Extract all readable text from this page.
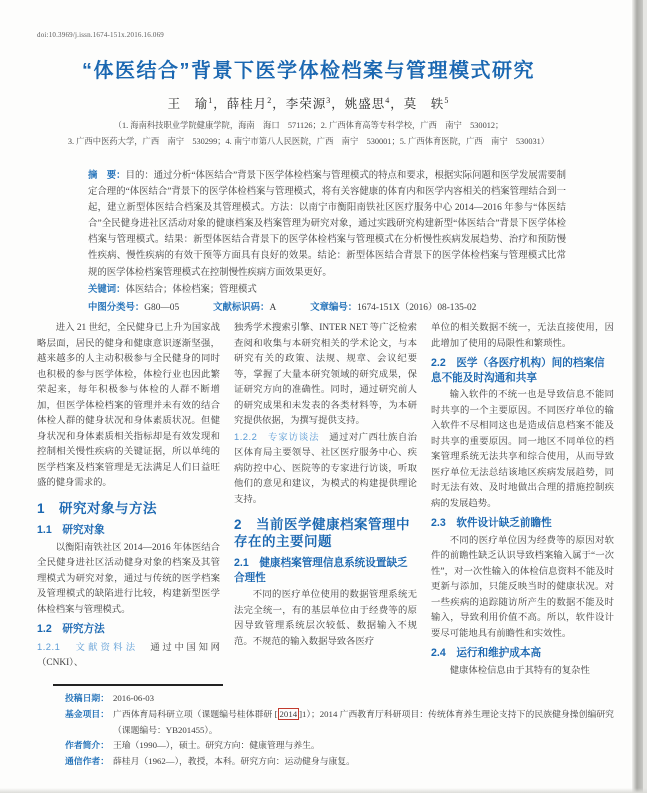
doi:10.3969/j.issn.1674-151x.2016.16.069
“体医结合”背景下医学体检档案与管理模式研究
王　瑜$^1$，薛桂月$^2$，李荣源$^3$，姚盛思$^4$，莫　轶$^5$
（1. 海南科技职业学院健康学院，海南　海口　571126；2. 广西体育高等专科学校，广西　南宁　530012；
3. 广西中医药大学，广西　南宁　530299；4. 南宁市第八人民医院，广西　南宁　530001；5. 广西体育医院，广西　南宁　530031）

摘　要：目的：通过分析“体医结合”背景下医学体检档案与管理模式的特点和要求，根据实际问题和医学发展需要制定合理的“体医结合”背景下的医学体检档案与管理模式，将有关容健康的体育内和医学内容相关的档案管理结合到一起，建立新型体医结合档案及其管理模式。方法：以南宁市衡阳南铁社区医疗服务中心 2014—2016 年参与“体医结合”全民健身进社区活动对象的健康档案及档案管理为研究对象，通过实践研究构建新型“体医结合”背景下医学体检档案与管理模式。结果：新型体医结合背景下的医学体检档案与管理模式在分析慢性疾病发展趋势、治疗和预防慢性疾病、慢性疾病的有效干预等方面具有良好的效果。结论：新型体医结合背景下的医学体检档案与管理模式比常规的医学体检档案管理模式在控制慢性疾病方面效果更好。

关键词：体医结合；体检档案；管理模式

中图分类号：G80—05	文献标识码：A	文章编号：1674-151X（2016）08-135-02

进入 21 世纪，全民健身已上升为国家战略层面，居民的健身和健康意识逐渐坚强，越来越多的人主动积极参与全民健身的同时也积极的参与医学体检，体检行业也因此繁荣起来，每年积极参与体检的人群不断增加，但医学体检档案的管理并未有效的结合体检人群的健身状况和身体素质状况。但健身状况和身体素质相关指标却是有效发现和控制相关慢性疾病的关键证据，所以单纯的医学档案及档案管理是无法满足人们日益旺盛的健身需求的。

1　研究对象与方法
1.1　研究对象

以衡阳南铁社区 2014—2016 年体医结合全民健身进社区活动健身对象的档案及其管理模式为研究对象，通过与传统的医学档案及管理模式的缺陷进行比较，构建新型医学体检档案与管理模式。

1.2　研究方法

1.2.1　文献资料法　通过中国知网（CNKI）、

独秀学术搜索引擎、INTER NET 等广泛检索查阅和收集与本研究相关的学术论文，与本研究有关的政策、法规、规章、会议纪要等，掌握了大量本研究领域的研究成果，保证研究方向的准确性。同时，通过研究前人的研究成果和未发表的各类材料等，为本研究提供依据，为撰写提供支持。

1.2.2　专家访谈法　通过对广西壮族自治区体育局主要领导、社区医疗服务中心、疾病防控中心、医院等的专家进行访谈，听取他们的意见和建议，为模式的构建提供理论支持。

2　当前医学健康档案管理中存在的主要问题
2.1　健康档案管理信息系统设置缺乏合理性

不同的医疗单位使用的数据管理系统无法完全统一，有的基层单位由于经费等的原因导致管理系统层次较低、数据输入不规范。不规范的输入数据导致各医疗

单位的相关数据不统一，无法直接使用，因此增加了使用的局限性和繁琐性。

2.2　医学（各医疗机构）间的档案信息不能及时沟通和共享

输入软件的不统一也是导致信息不能同时共享的一个主要原因。不同医疗单位的输入软件不尽相同这也是造成信息档案不能及时共享的重要原因。同一地区不同单位的档案管理系统无法共享和综合使用，从而导致医疗单位无法总结该地区疾病发展趋势，同时无法有效、及时地做出合理的措施控制疾病的发展趋势。

2.3　软件设计缺乏前瞻性

不同的医疗单位因为经费等的原因对软件的前瞻性缺乏认识导致档案输入属于“一次性”，对一次性输入的体检信息资料不能及时更新与添加，只能反映当时的健康状况。对一些疾病的追踪随访所产生的数据不能及时输入，导致利用价值不高。所以，软件设计要尽可能地具有前瞻性和实效性。

2.4　运行和维护成本高

健康体检信息由于其特有的复杂性

投稿日期： 2016-06-03
基金项目： 广西体育局科研立项（课题编号桂体群研 [ 2014 ]1）；2014 广西教育厅科研项目：传统体育养生理论支持下的民族健身操创编研究（课题编号：YB201455）。
作者简介： 王瑜（1990—），硕士。研究方向：健康管理与养生。
通信作者： 薛桂月（1962—），教授，本科。研究方向：运动健身与康复。
